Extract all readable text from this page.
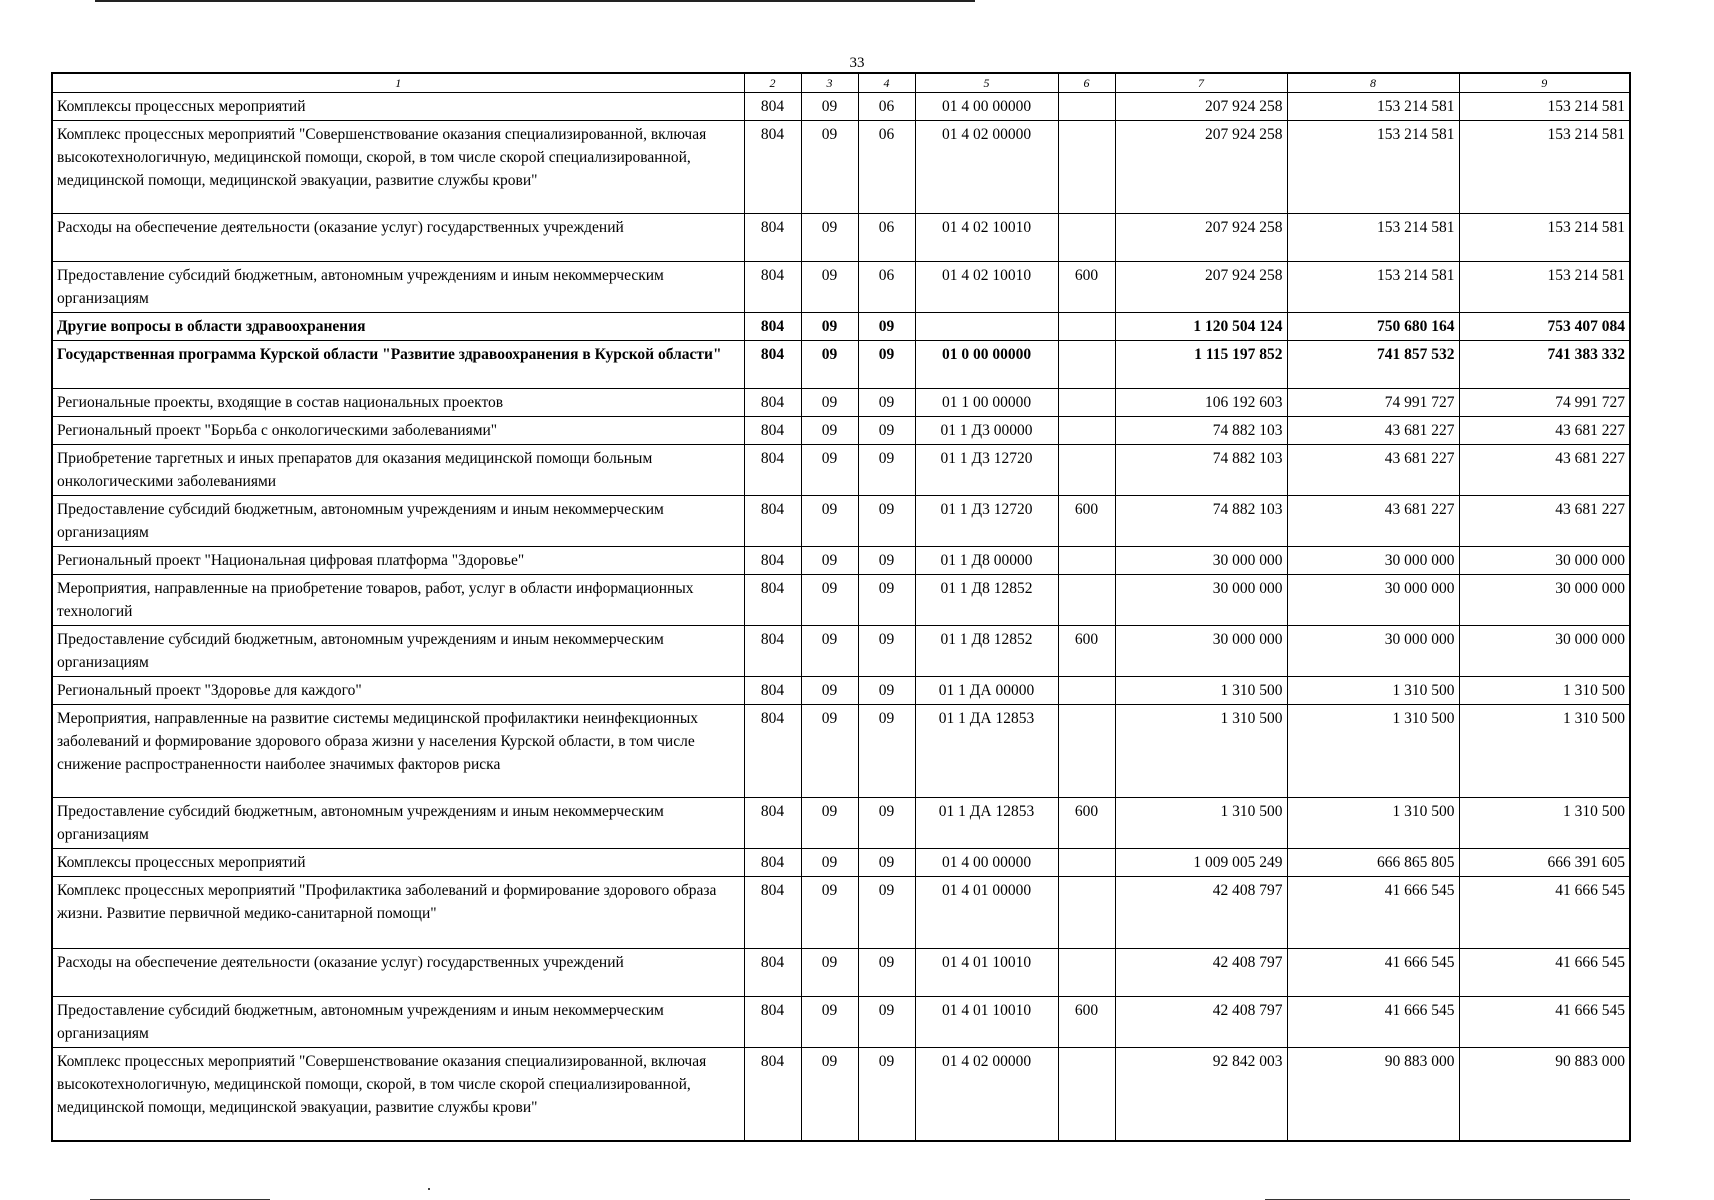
33
1	2	3	4	5	6	7	8	9
Комплексы процессных мероприятий	804	09	06	01 4 00 00000		207 924 258	153 214 581	153 214 581
Комплекс процессных мероприятий "Совершенствование оказания специализированной, включая высокотехнологичную, медицинской помощи, скорой, в том числе скорой специализированной, медицинской помощи, медицинской эвакуации, развитие службы крови"	804	09	06	01 4 02 00000		207 924 258	153 214 581	153 214 581
Расходы на обеспечение деятельности (оказание услуг) государственных учреждений	804	09	06	01 4 02 10010		207 924 258	153 214 581	153 214 581
Предоставление субсидий бюджетным, автономным учреждениям и иным некоммерческим организациям	804	09	06	01 4 02 10010	600	207 924 258	153 214 581	153 214 581
Другие вопросы в области здравоохранения	804	09	09			1 120 504 124	750 680 164	753 407 084
Государственная программа Курской области "Развитие здравоохранения в Курской области"	804	09	09	01 0 00 00000		1 115 197 852	741 857 532	741 383 332
Региональные проекты, входящие в состав национальных проектов	804	09	09	01 1 00 00000		106 192 603	74 991 727	74 991 727
Региональный проект "Борьба с онкологическими заболеваниями"	804	09	09	01 1 Д3 00000		74 882 103	43 681 227	43 681 227
Приобретение таргетных и иных препаратов для оказания медицинской помощи больным онкологическими заболеваниями	804	09	09	01 1 Д3 12720		74 882 103	43 681 227	43 681 227
Предоставление субсидий бюджетным, автономным учреждениям и иным некоммерческим организациям	804	09	09	01 1 Д3 12720	600	74 882 103	43 681 227	43 681 227
Региональный проект "Национальная цифровая платформа "Здоровье"	804	09	09	01 1 Д8 00000		30 000 000	30 000 000	30 000 000
Мероприятия, направленные на приобретение товаров, работ, услуг в области информационных технологий	804	09	09	01 1 Д8 12852		30 000 000	30 000 000	30 000 000
Предоставление субсидий бюджетным, автономным учреждениям и иным некоммерческим организациям	804	09	09	01 1 Д8 12852	600	30 000 000	30 000 000	30 000 000
Региональный проект "Здоровье для каждого"	804	09	09	01 1 ДА 00000		1 310 500	1 310 500	1 310 500
Мероприятия, направленные на развитие системы медицинской профилактики неинфекционных заболеваний и формирование здорового образа жизни у населения Курской области, в том числе снижение распространенности наиболее значимых факторов риска	804	09	09	01 1 ДА 12853		1 310 500	1 310 500	1 310 500
Предоставление субсидий бюджетным, автономным учреждениям и иным некоммерческим организациям	804	09	09	01 1 ДА 12853	600	1 310 500	1 310 500	1 310 500
Комплексы процессных мероприятий	804	09	09	01 4 00 00000		1 009 005 249	666 865 805	666 391 605
Комплекс процессных мероприятий "Профилактика заболеваний и формирование здорового образа жизни. Развитие первичной медико-санитарной помощи"	804	09	09	01 4 01 00000		42 408 797	41 666 545	41 666 545
Расходы на обеспечение деятельности (оказание услуг) государственных учреждений	804	09	09	01 4 01 10010		42 408 797	41 666 545	41 666 545
Предоставление субсидий бюджетным, автономным учреждениям и иным некоммерческим организациям	804	09	09	01 4 01 10010	600	42 408 797	41 666 545	41 666 545
Комплекс процессных мероприятий "Совершенствование оказания специализированной, включая высокотехнологичную, медицинской помощи, скорой, в том числе скорой специализированной, медицинской помощи, медицинской эвакуации, развитие службы крови"	804	09	09	01 4 02 00000		92 842 003	90 883 000	90 883 000
